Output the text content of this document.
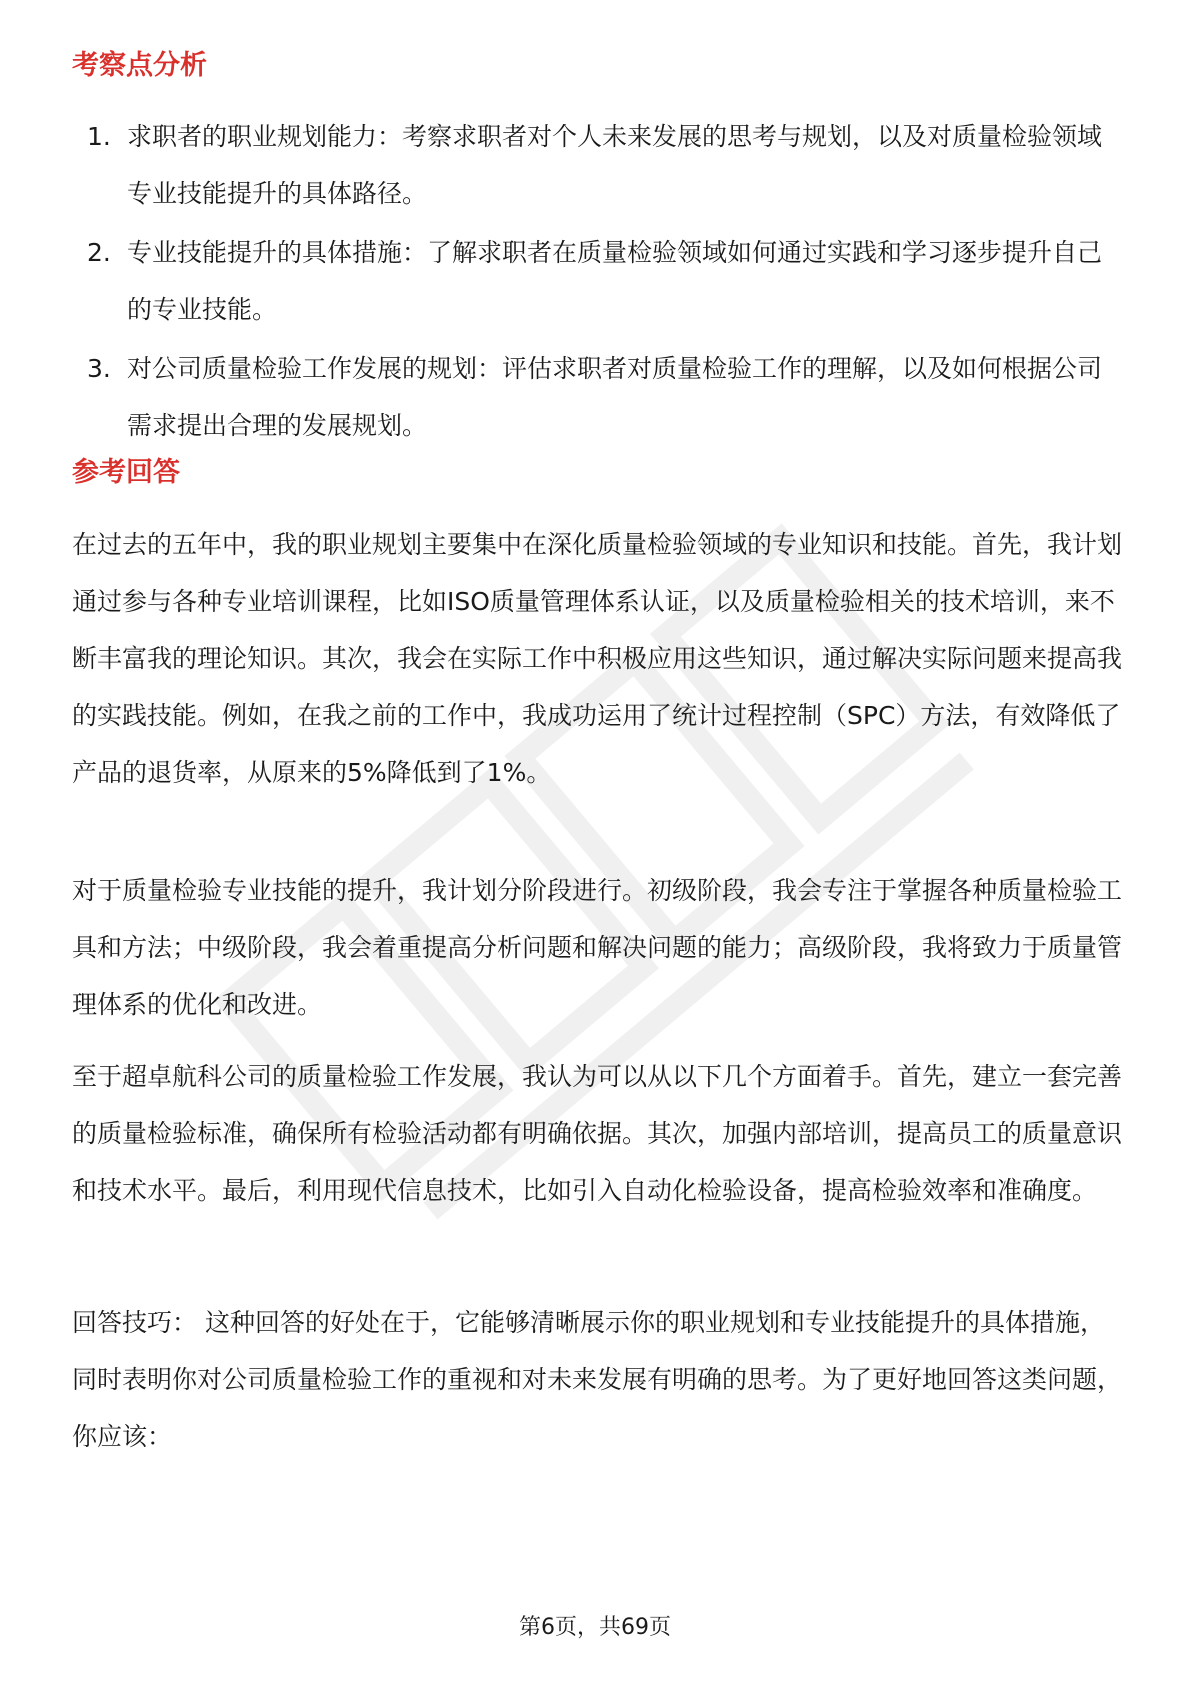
考察点分析
1. 求职者的职业规划能力：考察求职者对个人未来发展的思考与规划，以及对质量检验领域专业技能提升的具体路径。
2. 专业技能提升的具体措施：了解求职者在质量检验领域如何通过实践和学习逐步提升自己的专业技能。
3. 对公司质量检验工作发展的规划：评估求职者对质量检验工作的理解，以及如何根据公司需求提出合理的发展规划。
参考回答

在过去的五年中，我的职业规划主要集中在深化质量检验领域的专业知识和技能。首先，我计划通过参与各种专业培训课程，比如ISO质量管理体系认证，以及质量检验相关的技术培训，来不断丰富我的理论知识。其次，我会在实际工作中积极应用这些知识，通过解决实际问题来提高我的实践技能。例如，在我之前的工作中，我成功运用了统计过程控制（SPC）方法，有效降低了产品的退货率，从原来的5%降低到了1%。

对于质量检验专业技能的提升，我计划分阶段进行。初级阶段，我会专注于掌握各种质量检验工具和方法；中级阶段，我会着重提高分析问题和解决问题的能力；高级阶段，我将致力于质量管理体系的优化和改进。

至于超卓航科公司的质量检验工作发展，我认为可以从以下几个方面着手。首先，建立一套完善的质量检验标准，确保所有检验活动都有明确依据。其次，加强内部培训，提高员工的质量意识和技术水平。最后，利用现代信息技术，比如引入自动化检验设备，提高检验效率和准确度。

回答技巧： 这种回答的好处在于，它能够清晰展示你的职业规划和专业技能提升的具体措施，同时表明你对公司质量检验工作的重视和对未来发展有明确的思考。为了更好地回答这类问题，你应该：

第6页，共69页
